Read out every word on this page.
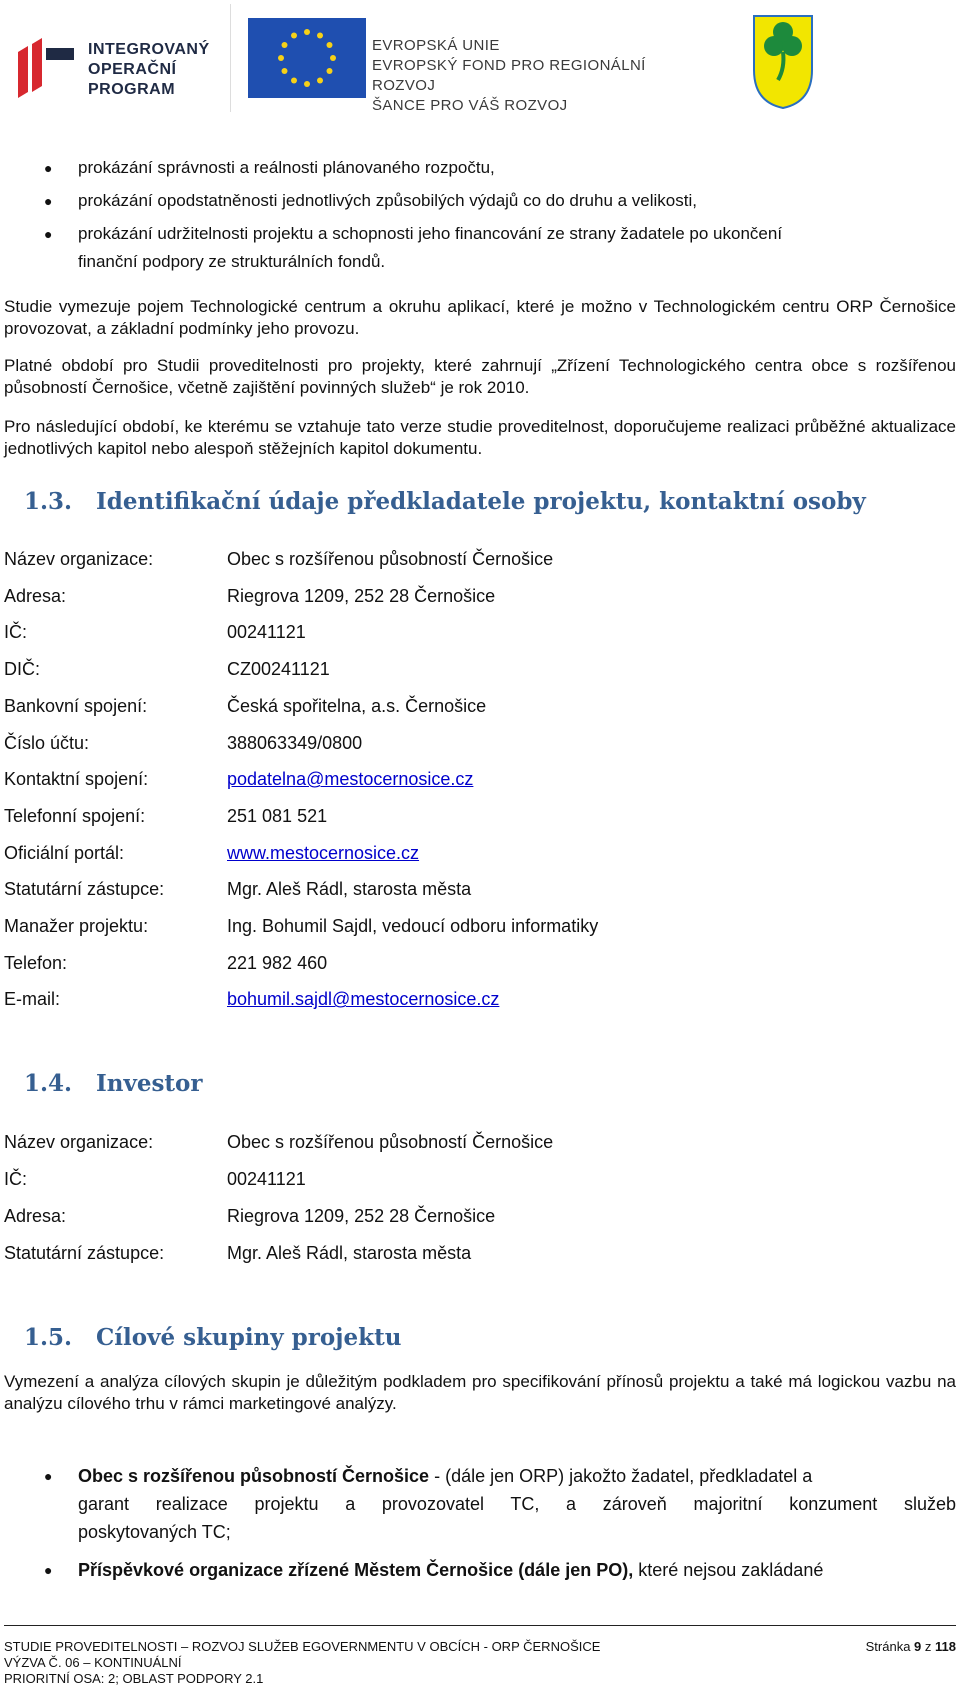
INTEGROVANÝ
OPERAČNÍ
PROGRAM
EVROPSKÁ UNIE
EVROPSKÝ FOND PRO REGIONÁLNÍ ROZVOJ
ŠANCE PRO VÁŠ ROZVOJ
● prokázání správnosti a reálnosti plánovaného rozpočtu,
● prokázání opodstatněnosti jednotlivých způsobilých výdajů co do druhu a velikosti,
● prokázání udržitelnosti projektu a schopnosti jeho financování ze strany žadatele po ukončení
finanční podpory ze strukturálních fondů.
Studie vymezuje pojem Technologické centrum a okruhu aplikací, které je možno v Technologickém centru ORP Černošice provozovat, a základní podmínky jeho provozu.
Platné období pro Studii proveditelnosti pro projekty, které zahrnují „Zřízení Technologického centra obce s rozšířenou působností Černošice, včetně zajištění povinných služeb“ je rok 2010.
Pro následující období, ke kterému se vztahuje tato verze studie proveditelnost, doporučujeme realizaci průběžné aktualizace jednotlivých kapitol nebo alespoň stěžejních kapitol dokumentu.
1.3. Identifikační údaje předkladatele projektu, kontaktní osoby
Název organizace:	Obec s rozšířenou působností Černošice
Adresa:	Riegrova 1209, 252 28 Černošice
IČ:	00241121
DIČ:	CZ00241121
Bankovní spojení:	Česká spořitelna, a.s. Černošice
Číslo účtu:	388063349/0800
Kontaktní spojení:	podatelna@mestocernosice.cz
Telefonní spojení:	251 081 521
Oficiální portál:	www.mestocernosice.cz
Statutární zástupce:	Mgr. Aleš Rádl, starosta města
Manažer projektu:	Ing. Bohumil Sajdl, vedoucí odboru informatiky
Telefon:	221 982 460
E-mail:	bohumil.sajdl@mestocernosice.cz
1.4. Investor
Název organizace:	Obec s rozšířenou působností Černošice
IČ:	00241121
Adresa:	Riegrova 1209, 252 28 Černošice
Statutární zástupce:	Mgr. Aleš Rádl, starosta města
1.5. Cílové skupiny projektu
Vymezení a analýza cílových skupin je důležitým podkladem pro specifikování přínosů projektu a také má logickou vazbu na analýzu cílového trhu v rámci marketingové analýzy.
● Obec s rozšířenou působností Černošice - (dále jen ORP) jakožto žadatel, předkladatel a
garant realizace projektu a provozovatel TC, a zároveň majoritní konzument služeb
poskytovaných TC;
● Příspěvkové organizace zřízené Městem Černošice (dále jen PO), které nejsou zakládané
STUDIE PROVEDITELNOSTI – ROZVOJ SLUŽEB EGOVERNMENTU V OBCÍCH - ORP ČERNOŠICE
VÝZVA Č. 06 – KONTINUÁLNÍ
PRIORITNÍ OSA: 2; OBLAST PODPORY 2.1
Stránka 9 z 118
